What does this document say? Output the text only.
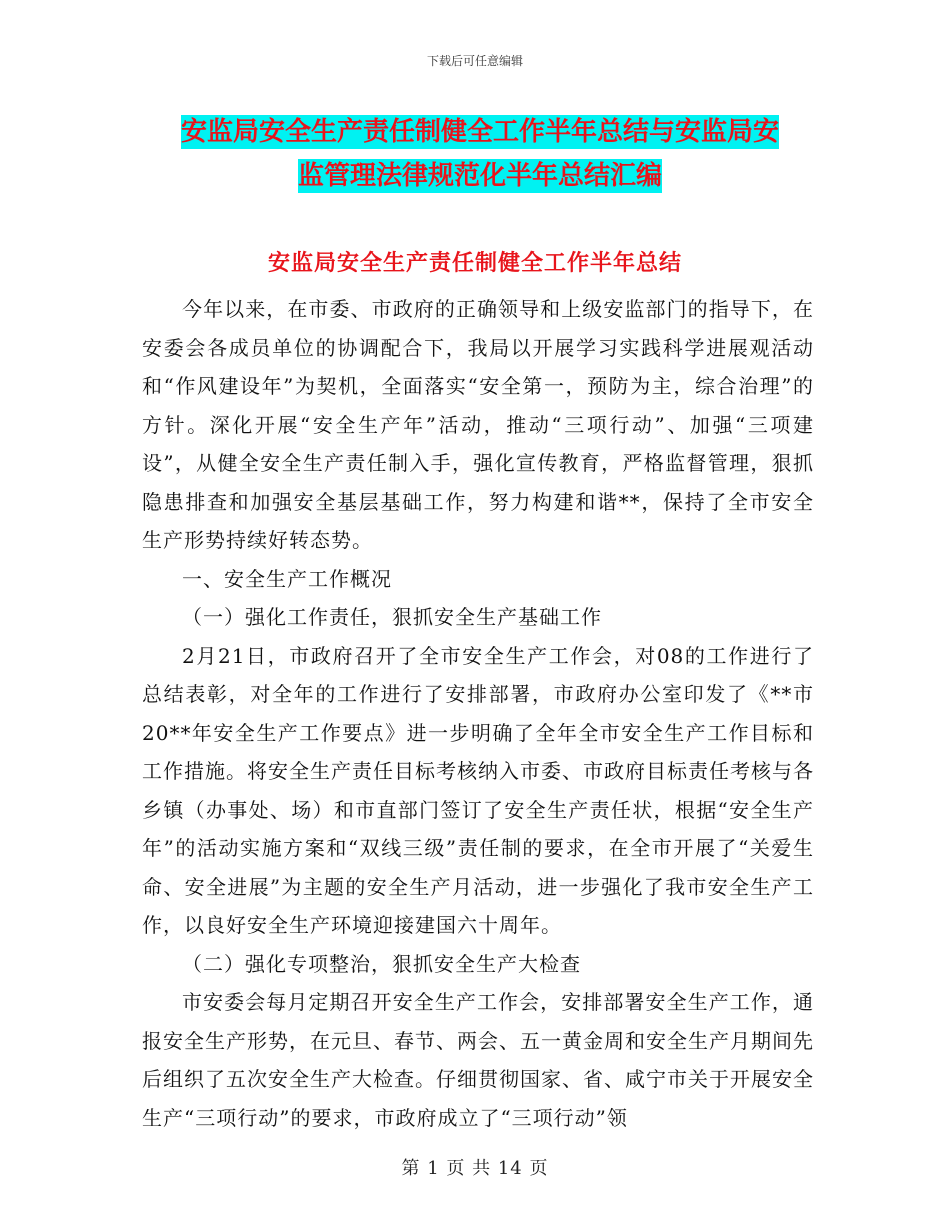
下载后可任意编辑
安监局安全生产责任制健全工作半年总结与安监局安
监管理法律规范化半年总结汇编
安监局安全生产责任制健全工作半年总结

今年以来，在市委、市政府的正确领导和上级安监部门的指导下，在安委会各成员单位的协调配合下，我局以开展学习实践科学进展观活动和“作风建设年”为契机，全面落实“安全第一，预防为主，综合治理”的方针。深化开展“安全生产年”活动，推动“三项行动”、加强“三项建设”，从健全安全生产责任制入手，强化宣传教育，严格监督管理，狠抓隐患排查和加强安全基层基础工作，努力构建和谐**，保持了全市安全生产形势持续好转态势。

一、安全生产工作概况

（一）强化工作责任，狠抓安全生产基础工作

2月21日，市政府召开了全市安全生产工作会，对08的工作进行了总结表彰，对全年的工作进行了安排部署，市政府办公室印发了《**市20**年安全生产工作要点》进一步明确了全年全市安全生产工作目标和工作措施。将安全生产责任目标考核纳入市委、市政府目标责任考核与各乡镇（办事处、场）和市直部门签订了安全生产责任状，根据“安全生产年”的活动实施方案和“双线三级”责任制的要求，在全市开展了“关爱生命、安全进展”为主题的安全生产月活动，进一步强化了我市安全生产工作，以良好安全生产环境迎接建国六十周年。

（二）强化专项整治，狠抓安全生产大检查

市安委会每月定期召开安全生产工作会，安排部署安全生产工作，通报安全生产形势，在元旦、春节、两会、五一黄金周和安全生产月期间先后组织了五次安全生产大检查。仔细贯彻国家、省、咸宁市关于开展安全生产“三项行动”的要求，市政府成立了“三项行动”领

第 1 页 共 14 页
